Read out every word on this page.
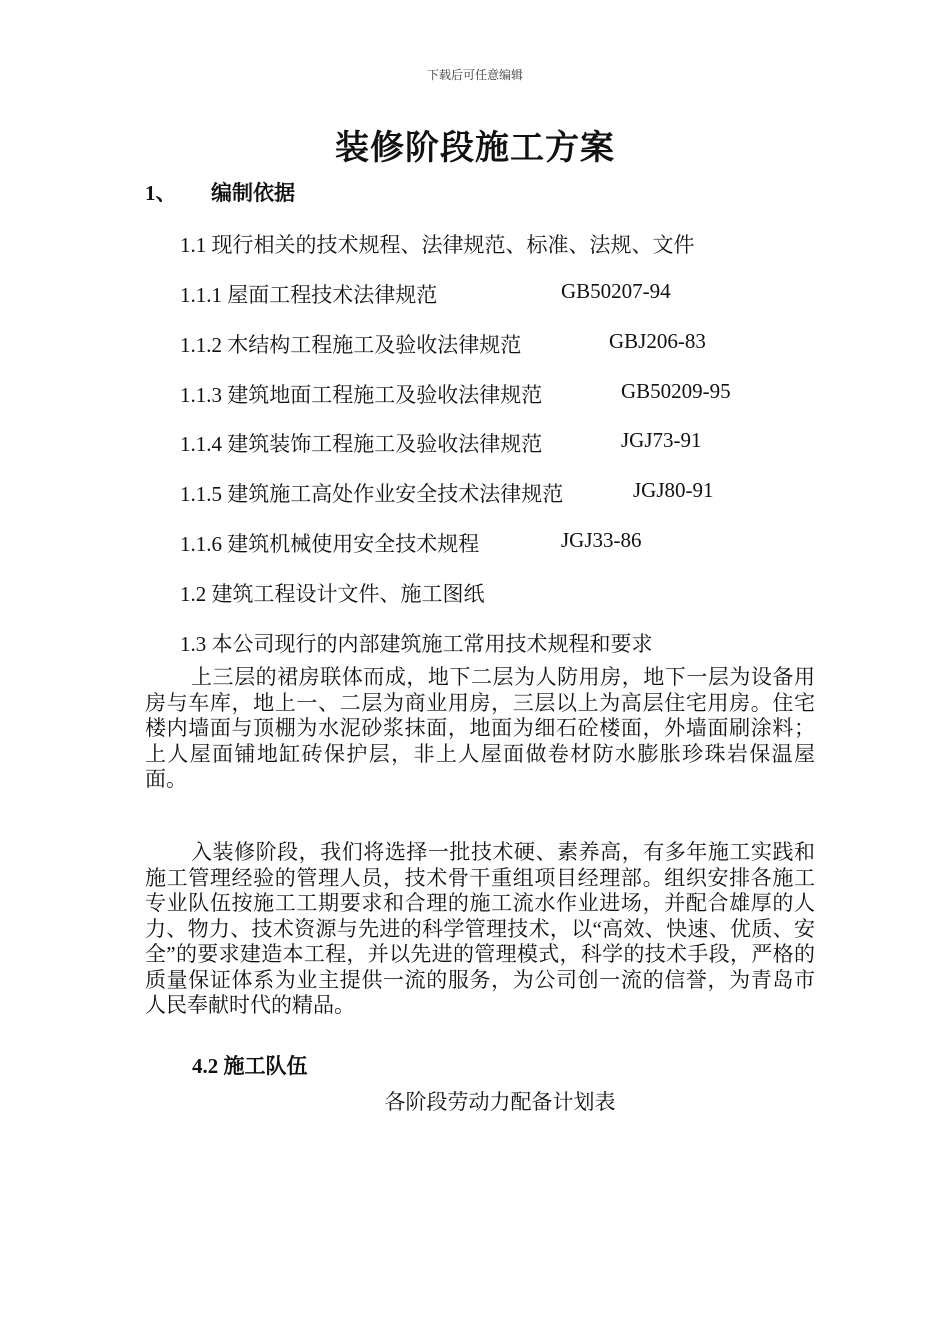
下载后可任意编辑
装修阶段施工方案
1、 编制依据
1.1 现行相关的技术规程、法律规范、标准、法规、文件
1.1.1 屋面工程技术法律规范	GB50207-94
1.1.2 木结构工程施工及验收法律规范	GBJ206-83
1.1.3 建筑地面工程施工及验收法律规范	GB50209-95
1.1.4 建筑装饰工程施工及验收法律规范	JGJ73-91
1.1.5 建筑施工高处作业安全技术法律规范	JGJ80-91
1.1.6 建筑机械使用安全技术规程	JGJ33-86
1.2 建筑工程设计文件、施工图纸
1.3 本公司现行的内部建筑施工常用技术规程和要求
上三层的裙房联体而成，地下二层为人防用房，地下一层为设备用房与车库，地上一、二层为商业用房，三层以上为高层住宅用房。住宅楼内墙面与顶棚为水泥砂浆抹面，地面为细石砼楼面，外墙面刷涂料；上人屋面铺地缸砖保护层，非上人屋面做卷材防水膨胀珍珠岩保温屋面。
入装修阶段，我们将选择一批技术硬、素养高，有多年施工实践和施工管理经验的管理人员，技术骨干重组项目经理部。组织安排各施工专业队伍按施工工期要求和合理的施工流水作业进场，并配合雄厚的人力、物力、技术资源与先进的科学管理技术，以“高效、快速、优质、安全”的要求建造本工程，并以先进的管理模式，科学的技术手段，严格的质量保证体系为业主提供一流的服务，为公司创一流的信誉，为青岛市人民奉献时代的精品。
4.2 施工队伍
各阶段劳动力配备计划表
